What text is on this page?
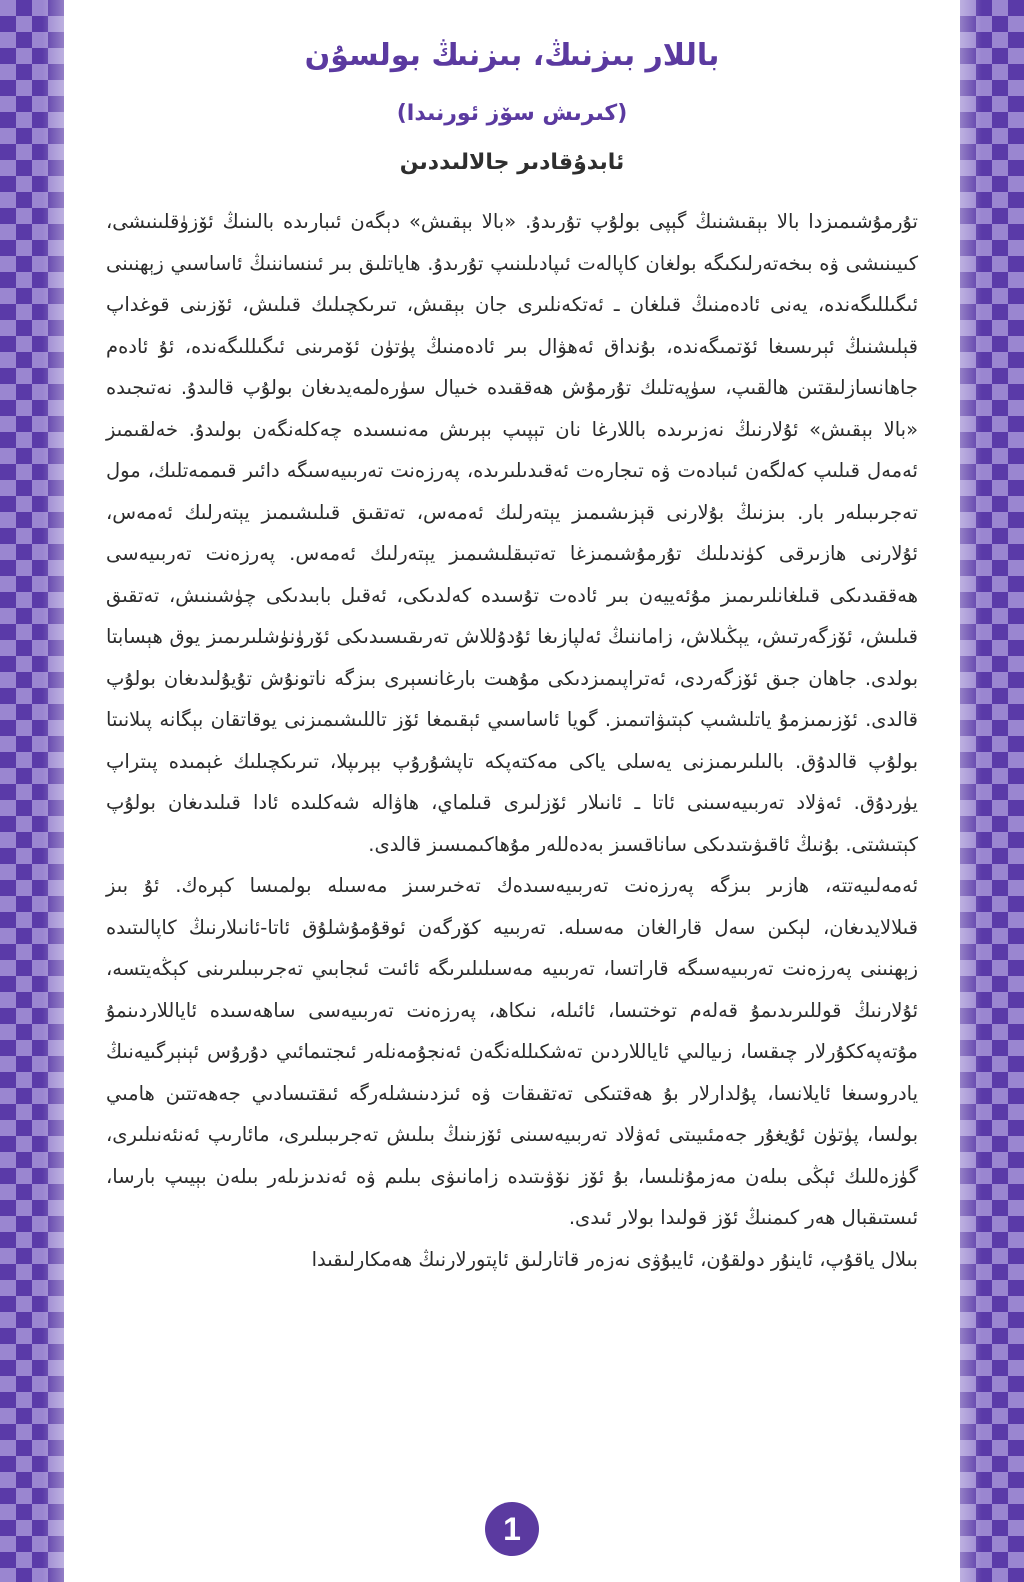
باللار بىزنىڭ، بىزنىڭ بولسۇن
(كىرىش سۆز ئورنىدا)
ئابدۇقادىر جالالىددىن

تۇرمۇشىمىزدا بالا بېقىشنىڭ گېپى بولۇپ تۇرىدۇ. «بالا بېقىش» دېگەن ئىبارىدە بالىنىڭ ئۆزۈقلىنىشى، كىيىنىشى ۋە بىخەتەرلىكىگە بولغان كاپالەت ئىپادىلىنىپ تۇرىدۇ. ھاياتلىق بىر ئىنساننىڭ ئاساسىي زېھنىنى ئىگىللىگەندە، يەنى ئادەمنىڭ قىلغان ـ ئەتكەنلىرى جان بېقىش، تىرىكچىلىك قىلىش، ئۆزىنى قوغداپ قېلىشنىڭ ئېرىسىغا ئۆتمىگەندە، بۇنداق ئەھۋال بىر ئادەمنىڭ پۈتۈن ئۆمرىنى ئىگىللىگەندە، ئۇ ئادەم جاھانسازلىقتىن ھالقىپ، سۈپەتلىك تۇرمۇش ھەققىدە خىيال سۈرەلمەيدىغان بولۇپ قالىدۇ. نەتىجىدە «بالا بېقىش» ئۇلارنىڭ نەزىرىدە باللارغا نان تېپىپ بېرىش مەنىسىدە چەكلەنگەن بولىدۇ. خەلقىمىز ئەمەل قىلىپ كەلگەن ئىبادەت ۋە تىجارەت ئەقىدىلىرىدە، پەرزەنت تەربىيەسىگە دائىر قىممەتلىك، مول تەجرىبىلەر بار. بىزنىڭ بۇلارنى قېزىشىمىز يېتەرلىك ئەمەس، تەتقىق قىلىشىمىز يېتەرلىك ئەمەس، ئۇلارنى ھازىرقى كۈندىلىك تۇرمۇشىمىزغا تەتبىقلىشىمىز يېتەرلىك ئەمەس. پەرزەنت تەربىيەسى ھەققىدىكى قىلغانلىرىمىز مۇئەييەن بىر ئادەت تۇسىدە كەلدىكى، ئەقىل بابىدىكى چۈشىنىش، تەتقىق قىلىش، ئۆزگەرتىش، يېڭىلاش، زاماننىڭ ئەلپازىغا ئۇدۇللاش تەرىقىسىدىكى ئۆرۈنۈشلىرىمىز يوق ھېسابتا بولدى. جاھان جىق ئۆزگەردى، ئەتراپىمىزدىكى مۇھىت بارغانسېرى بىزگە ناتونۇش تۇيۇلىدىغان بولۇپ قالدى. ئۆزىمىزمۇ ياتلىشىپ كېتىۋاتىمىز. گويا ئاساسىي ئېقىمغا ئۆز تاللىشىمىزنى يوقاتقان بېگانە پىلانىتا بولۇپ قالدۇق. بالىلىرىمىزنى يەسلى ياكى مەكتەپكە تاپشۇرۇپ بېرىپلا، تىرىكچىلىك غېمىدە پىتراپ يۈردۇق. ئەۋلاد تەربىيەسىنى ئاتا ـ ئانىلار ئۆزلىرى قىلماي، ھاۋالە شەكلىدە ئادا قىلىدىغان بولۇپ كېتىشتى. بۇنىڭ ئاقىۋىتىدىكى ساناقسىز بەدەللەر مۇھاكىمىسىز قالدى.

ئەمەلىيەتتە، ھازىر بىزگە پەرزەنت تەربىيەسىدەك تەخىرسىز مەسىلە بولمىسا كېرەك. ئۇ بىز قىلالايدىغان، لېكىن سەل قارالغان مەسىلە. تەربىيە كۆرگەن ئوقۇمۇشلۇق ئاتا-ئانىلارنىڭ كاپالىتىدە زېھنىنى پەرزەنت تەربىيەسىگە قاراتسا، تەربىيە مەسىلىلىرىگە ئائىت ئىجابىي تەجرىبىلىرىنى كېڭەيتسە، ئۇلارنىڭ قوللىرىدىمۇ قەلەم توختىسا، ئائىلە، نىكاھ، پەرزەنت تەربىيەسى ساھەسىدە ئاياللاردىنمۇ مۇتەپەككۇرلار چىقسا، زىيالىي ئاياللاردىن تەشكىللەنگەن ئەنجۇمەنلەر ئىجتىمائىي دۇرۇس ئېنېرگىيەنىڭ يادروسىغا ئايلانسا، پۇلدارلار بۇ ھەقتىكى تەتقىقات ۋە ئىزدىنىشلەرگە ئىقتىسادىي جەھەتتىن ھامىي بولسا، پۈتۈن ئۇيغۇر جەمئىيىتى ئەۋلاد تەربىيەسىنى ئۆزىنىڭ بىلىش تەجرىبىلىرى، مائارىپ ئەنئەنىلىرى، گۈزەللىك ئېڭى بىلەن مەزمۇنلىسا، بۇ ئۆز نۆۋىتىدە زامانىۋى بىلىم ۋە ئەندىزىلەر بىلەن بېيىپ بارسا، ئىستىقبال ھەر كىمنىڭ ئۆز قولىدا بولار ئىدى.

بىلال ياقۇپ، ئاينۇر دولقۇن، ئايبۇۋى نەزەر قاتارلىق ئاپتورلارنىڭ ھەمكارلىقىدا

1
